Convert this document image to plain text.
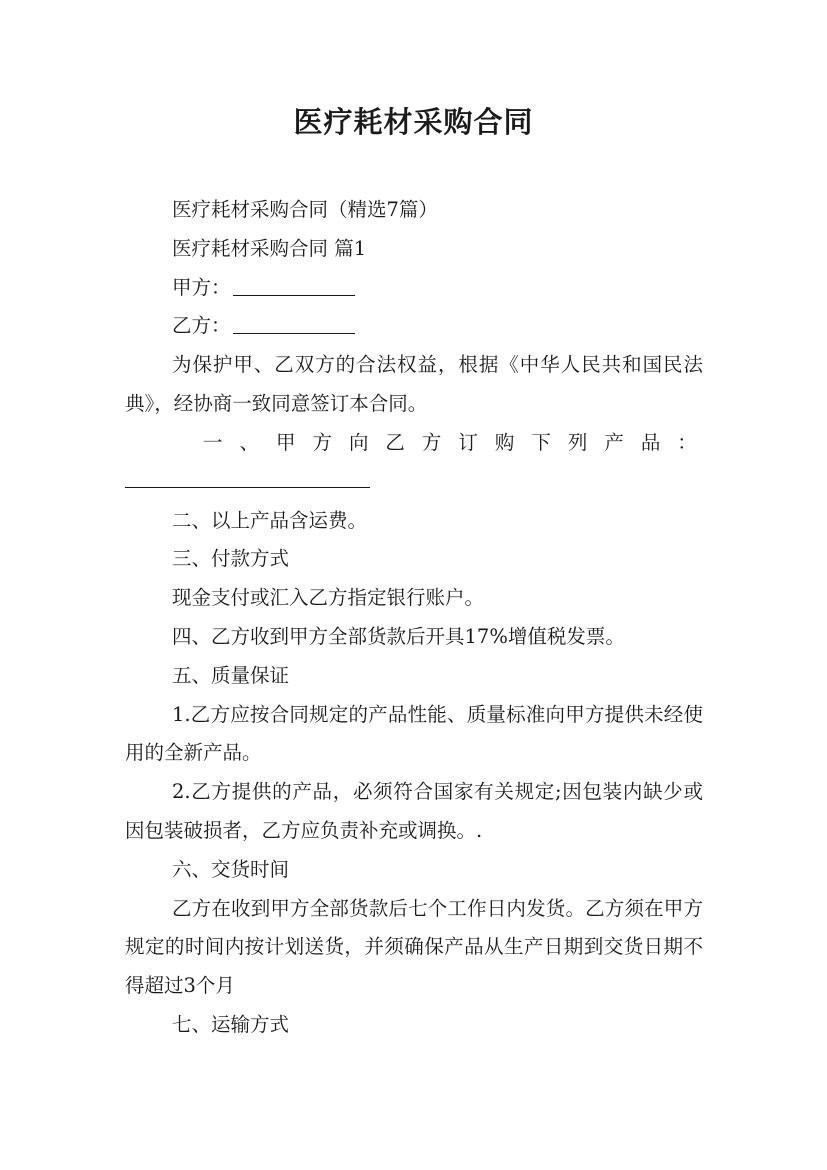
医疗耗材采购合同

医疗耗材采购合同（精选7篇）

医疗耗材采购合同 篇1

甲方：

乙方：

为保护甲、乙双方的合法权益，根据《中华人民共和国民法典》，经协商一致同意签订本合同。

一 、 甲 方 向 乙 方 订 购 下 列 产 品 ：

二、以上产品含运费。

三、付款方式

现金支付或汇入乙方指定银行账户。

四、乙方收到甲方全部货款后开具17%增值税发票。

五、质量保证

1.乙方应按合同规定的产品性能、质量标准向甲方提供未经使用的全新产品。

2.乙方提供的产品，必须符合国家有关规定;因包装内缺少或因包装破损者，乙方应负责补充或调换。.

六、交货时间

乙方在收到甲方全部货款后七个工作日内发货。乙方须在甲方规定的时间内按计划送货，并须确保产品从生产日期到交货日期不得超过3个月

七、运输方式
